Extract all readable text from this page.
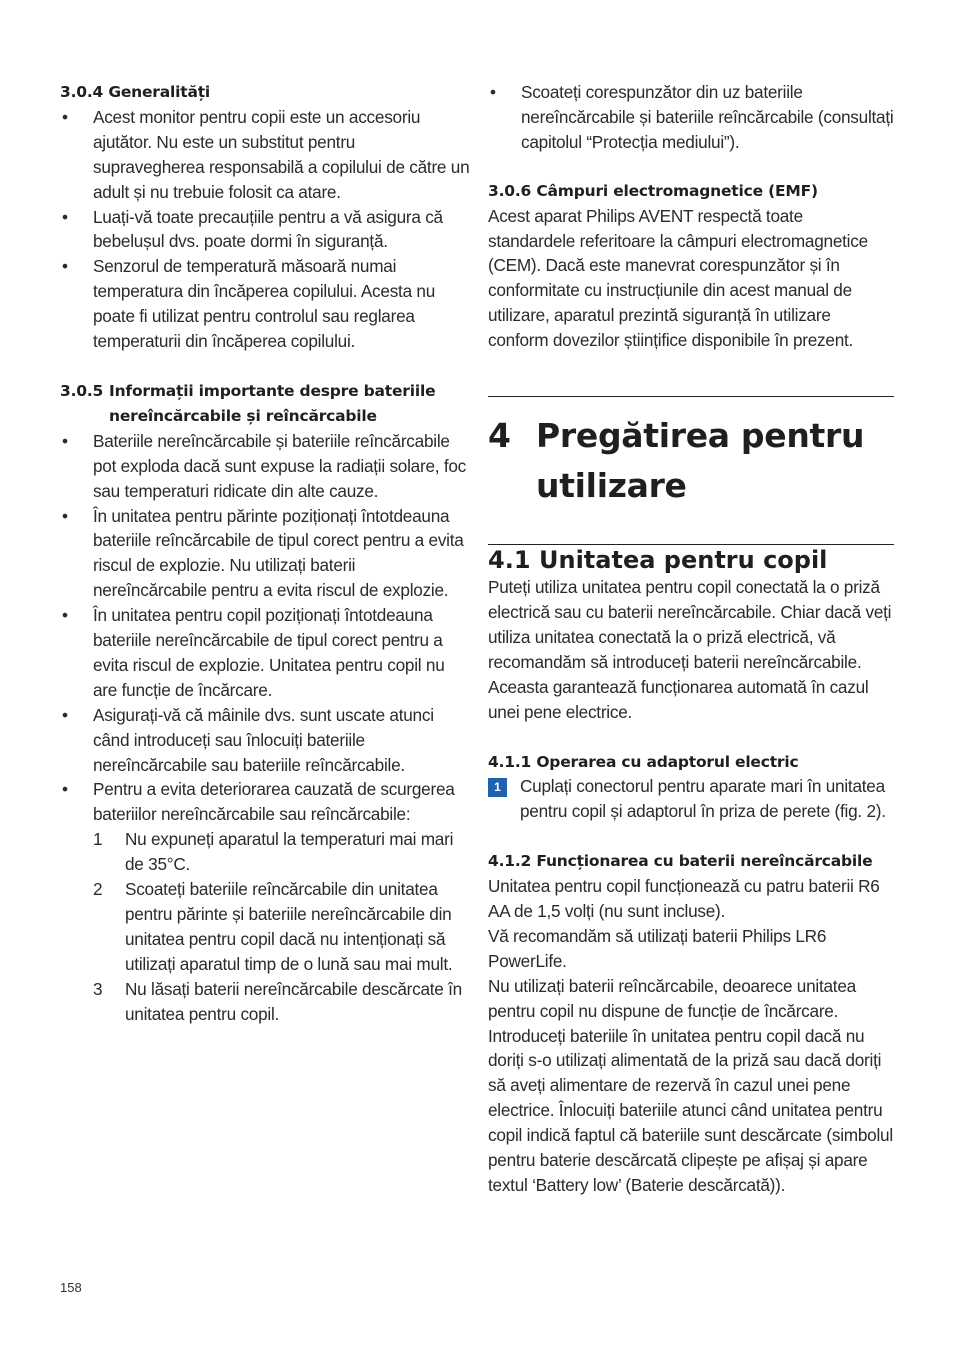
3.0.4 Generalități
• Acest monitor pentru copii este un accesoriu ajutător. Nu este un substitut pentru supravegherea responsabilă a copilului de către un adult și nu trebuie folosit ca atare.
• Luați-vă toate precauțiile pentru a vă asigura că bebelușul dvs. poate dormi în siguranță.
• Senzorul de temperatură măsoară numai temperatura din încăperea copilului. Acesta nu poate fi utilizat pentru controlul sau reglarea temperaturii din încăperea copilului.
3.0.5 Informații importante despre bateriile nereîncărcabile și reîncărcabile
• Bateriile nereîncărcabile și bateriile reîncărcabile pot exploda dacă sunt expuse la radiații solare, foc sau temperaturi ridicate din alte cauze.
• În unitatea pentru părinte poziționați întotdeauna bateriile reîncărcabile de tipul corect pentru a evita riscul de explozie. Nu utilizați baterii nereîncărcabile pentru a evita riscul de explozie.
• În unitatea pentru copil poziționați întotdeauna bateriile nereîncărcabile de tipul corect pentru a evita riscul de explozie. Unitatea pentru copil nu are funcție de încărcare.
• Asigurați-vă că mâinile dvs. sunt uscate atunci când introduceți sau înlocuiți bateriile nereîncărcabile sau bateriile reîncărcabile.
• Pentru a evita deteriorarea cauzată de scurgerea bateriilor nereîncărcabile sau reîncărcabile:
1 Nu expuneți aparatul la temperaturi mai mari de 35°C.
2 Scoateți bateriile reîncărcabile din unitatea pentru părinte și bateriile nereîncărcabile din unitatea pentru copil dacă nu intenționați să utilizați aparatul timp de o lună sau mai mult.
3 Nu lăsați baterii nereîncărcabile descărcate în unitatea pentru copil.
• Scoateți corespunzător din uz bateriile nereîncărcabile și bateriile reîncărcabile (consultați capitolul “Protecția mediului”).
3.0.6 Câmpuri electromagnetice (EMF)

Acest aparat Philips AVENT respectă toate standardele referitoare la câmpuri electromagnetice (CEM). Dacă este manevrat corespunzător și în conformitate cu instrucțiunile din acest manual de utilizare, aparatul prezintă siguranță în utilizare conform dovezilor științifice disponibile în prezent.

4 Pregătirea pentru utilizare
4.1 Unitatea pentru copil

Puteți utiliza unitatea pentru copil conectată la o priză electrică sau cu baterii nereîncărcabile. Chiar dacă veți utiliza unitatea conectată la o priză electrică, vă recomandăm să introduceți baterii nereîncărcabile. Aceasta garantează funcționarea automată în cazul unei pene electrice.

4.1.1 Operarea cu adaptorul electric
1	Cuplați conectorul pentru aparate mari în unitatea pentru copil și adaptorul în priza de perete (fig. 2).
4.1.2 Funcționarea cu baterii nereîncărcabile

Unitatea pentru copil funcționează cu patru baterii R6 AA de 1,5 volți (nu sunt incluse).

Vă recomandăm să utilizați baterii Philips LR6 PowerLife.

Nu utilizați baterii reîncărcabile, deoarece unitatea pentru copil nu dispune de funcție de încărcare. Introduceți bateriile în unitatea pentru copil dacă nu doriți s-o utilizați alimentată de la priză sau dacă doriți să aveți alimentare de rezervă în cazul unei pene electrice. Înlocuiți bateriile atunci când unitatea pentru copil indică faptul că bateriile sunt descărcate (simbolul pentru baterie descărcată clipește pe afișaj și apare textul ‘Battery low’ (Baterie descărcată)).

158
